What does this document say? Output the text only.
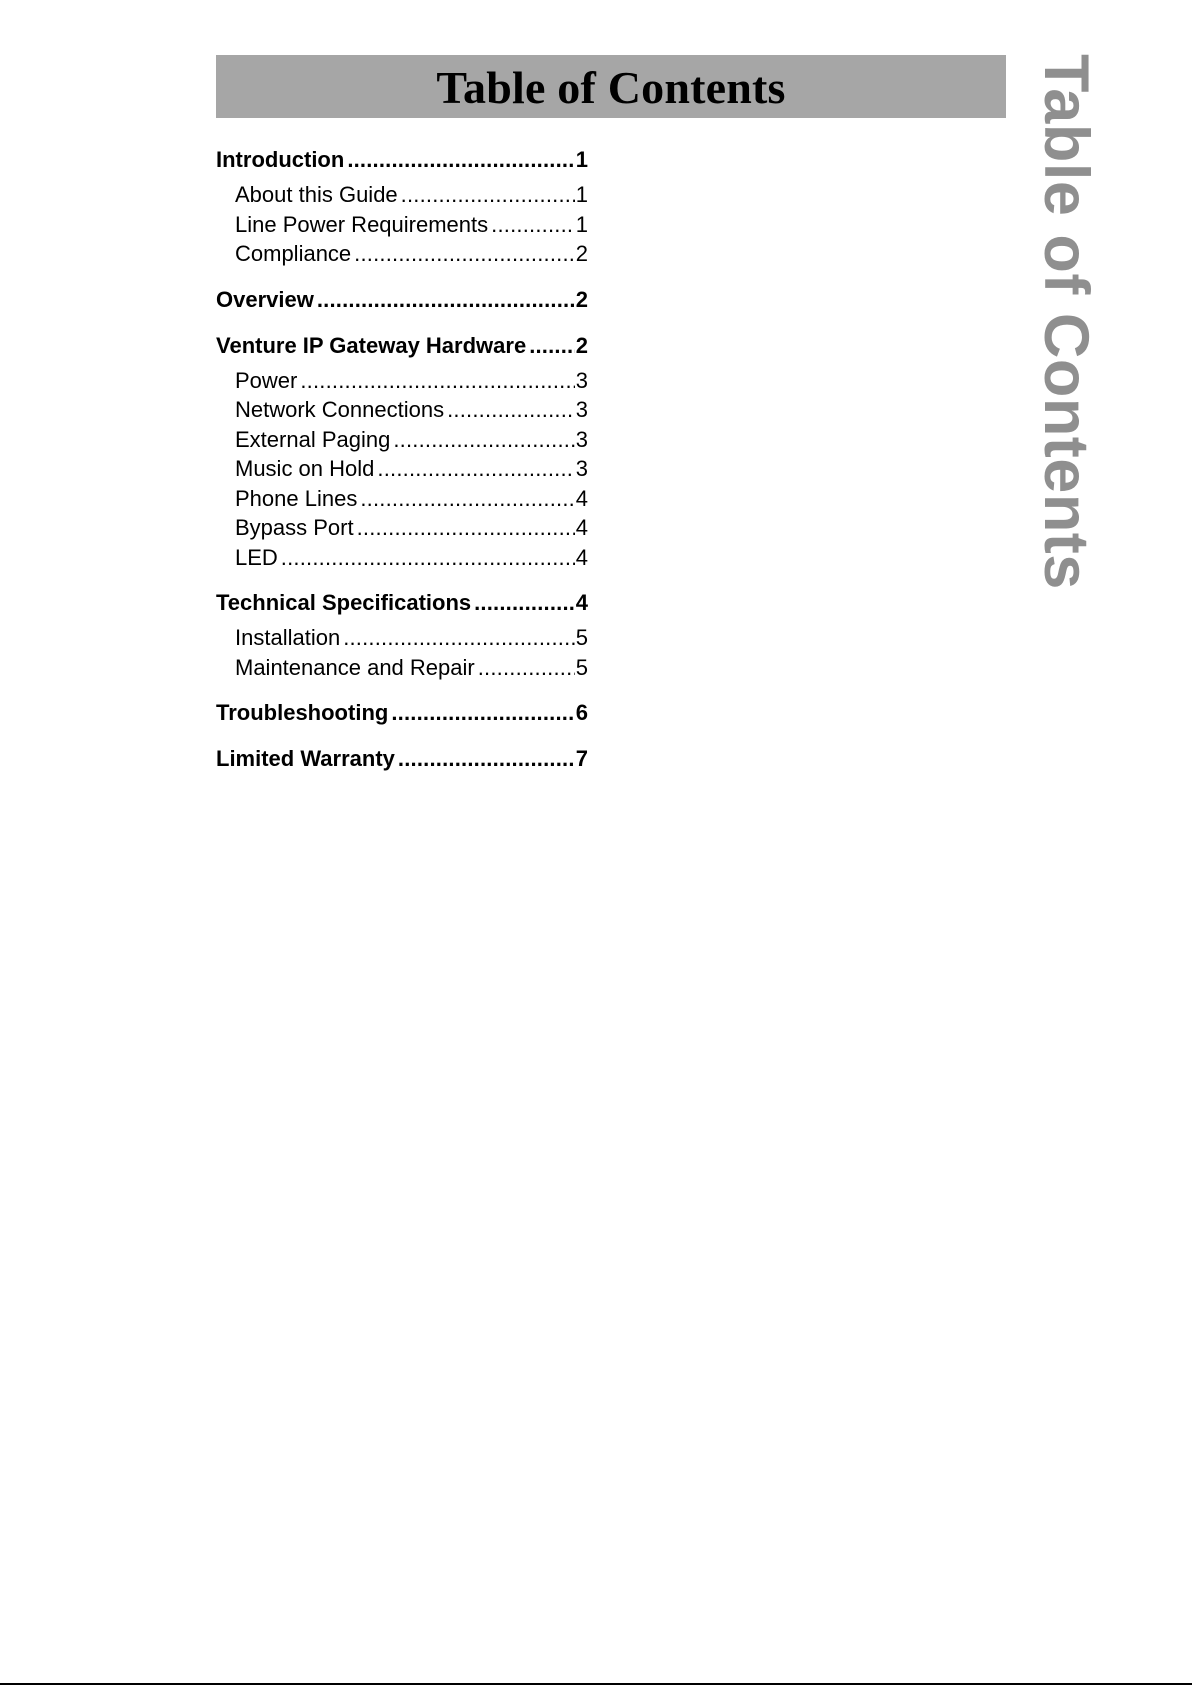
Table of Contents	Table of Contents
Introduction .....	1
About this Guide .....	1
Line Power Requirements .....	1
Compliance .....	2
Overview .....	2
Venture IP Gateway Hardware ..... 2
Power .....	3
Network Connections .....	3
External Paging .....	3
Music on Hold .....	3
Phone Lines .....	4
Bypass Port .....	4
LED .....	4
Technical Specifications .....	4
Installation .....	5
Maintenance and Repair .....	5
Troubleshooting .....	6
Limited Warranty .....	7
